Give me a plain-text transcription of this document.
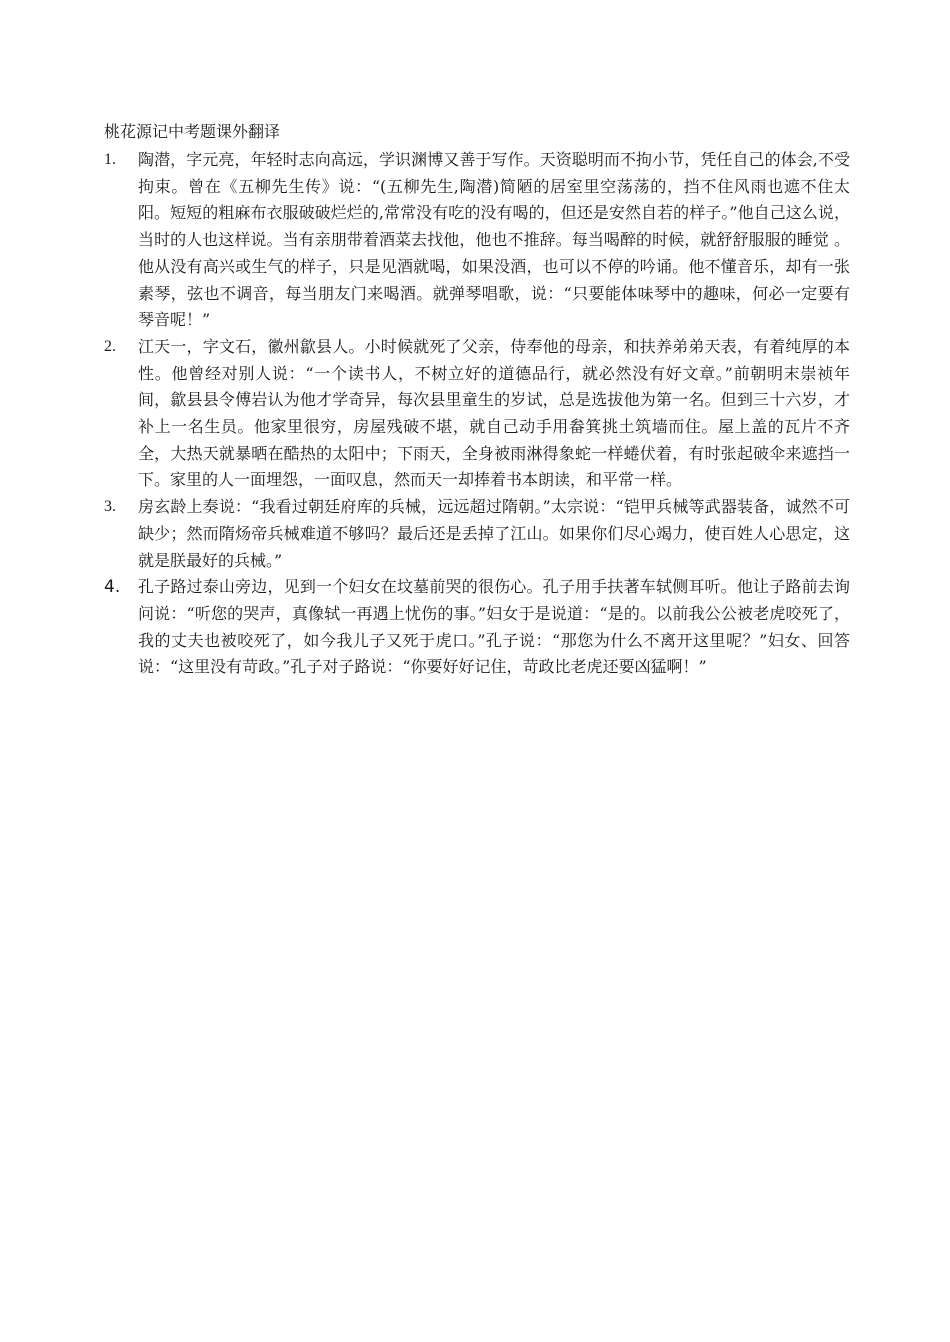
桃花源记中考题课外翻译
1. 陶潜，字元亮，年轻时志向高远，学识渊博又善于写作。天资聪明而不拘小节，凭任自己的体会,不受拘束。曾在《五柳先生传》说：“(五柳先生,陶潜)简陋的居室里空荡荡的，挡不住风雨也遮不住太阳。短短的粗麻布衣服破破烂烂的,常常没有吃的没有喝的，但还是安然自若的样子。”他自己这么说，当时的人也这样说。当有亲朋带着酒菜去找他，他也不推辞。每当喝醉的时候，就舒舒服服的睡觉 。他从没有高兴或生气的样子，只是见酒就喝，如果没酒，也可以不停的吟诵。他不懂音乐，却有一张素琴，弦也不调音，每当朋友门来喝酒。就弹琴唱歌，说：“只要能体味琴中的趣味，何必一定要有琴音呢！”
2. 江天一，字文石，徽州歙县人。小时候就死了父亲，侍奉他的母亲，和扶养弟弟天表，有着纯厚的本性。他曾经对别人说：“一个读书人，不树立好的道德品行，就必然没有好文章。”前朝明末崇祯年间，歙县县令傅岩认为他才学奇异，每次县里童生的岁试，总是选拔他为第一名。但到三十六岁，才补上一名生员。他家里很穷，房屋残破不堪，就自己动手用畚箕挑土筑墙而住。屋上盖的瓦片不齐全，大热天就暴晒在酷热的太阳中；下雨天，全身被雨淋得象蛇一样蜷伏着，有时张起破伞来遮挡一下。家里的人一面埋怨，一面叹息，然而天一却捧着书本朗读，和平常一样。
3. 房玄龄上奏说：“我看过朝廷府库的兵械，远远超过隋朝。”太宗说：“铠甲兵械等武器装备，诚然不可缺少；然而隋炀帝兵械难道不够吗？最后还是丢掉了江山。如果你们尽心竭力，使百姓人心思定，这就是朕最好的兵械。”
4. 孔子路过泰山旁边，见到一个妇女在坟墓前哭的很伤心。孔子用手扶著车轼侧耳听。他让子路前去询问说：“听您的哭声，真像轼一再遇上忧伤的事。”妇女于是说道：“是的。以前我公公被老虎咬死了，我的丈夫也被咬死了，如今我儿子又死于虎口。”孔子说：“那您为什么不离开这里呢？”妇女、回答说：“这里没有苛政。”孔子对子路说：“你要好好记住，苛政比老虎还要凶猛啊！”
